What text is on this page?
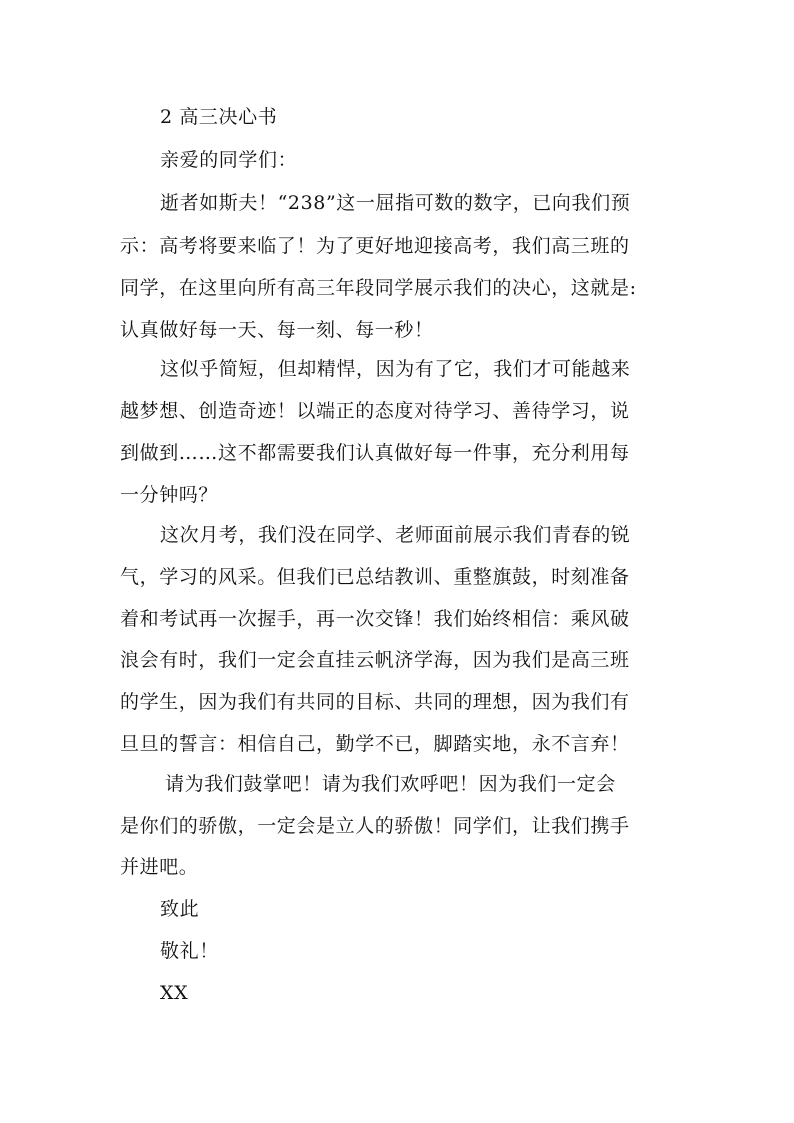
2 高三决心书
亲爱的同学们：
逝者如斯夫！“238”这一屈指可数的数字，已向我们预
示：高考将要来临了！为了更好地迎接高考，我们高三班的
同学，在这里向所有高三年段同学展示我们的决心，这就是:
认真做好每一天、每一刻、每一秒！
这似乎简短，但却精悍，因为有了它，我们才可能越来
越梦想、创造奇迹！以端正的态度对待学习、善待学习，说
到做到……这不都需要我们认真做好每一件事，充分利用每
一分钟吗？
这次月考，我们没在同学、老师面前展示我们青春的锐
气，学习的风采。但我们已总结教训、重整旗鼓，时刻准备
着和考试再一次握手，再一次交锋！我们始终相信：乘风破
浪会有时，我们一定会直挂云帆济学海，因为我们是高三班
的学生，因为我们有共同的目标、共同的理想，因为我们有
旦旦的誓言：相信自己，勤学不已，脚踏实地，永不言弃！
请为我们鼓掌吧！请为我们欢呼吧！因为我们一定会
是你们的骄傲，一定会是立人的骄傲！同学们，让我们携手
并进吧。
致此
敬礼！
XX
